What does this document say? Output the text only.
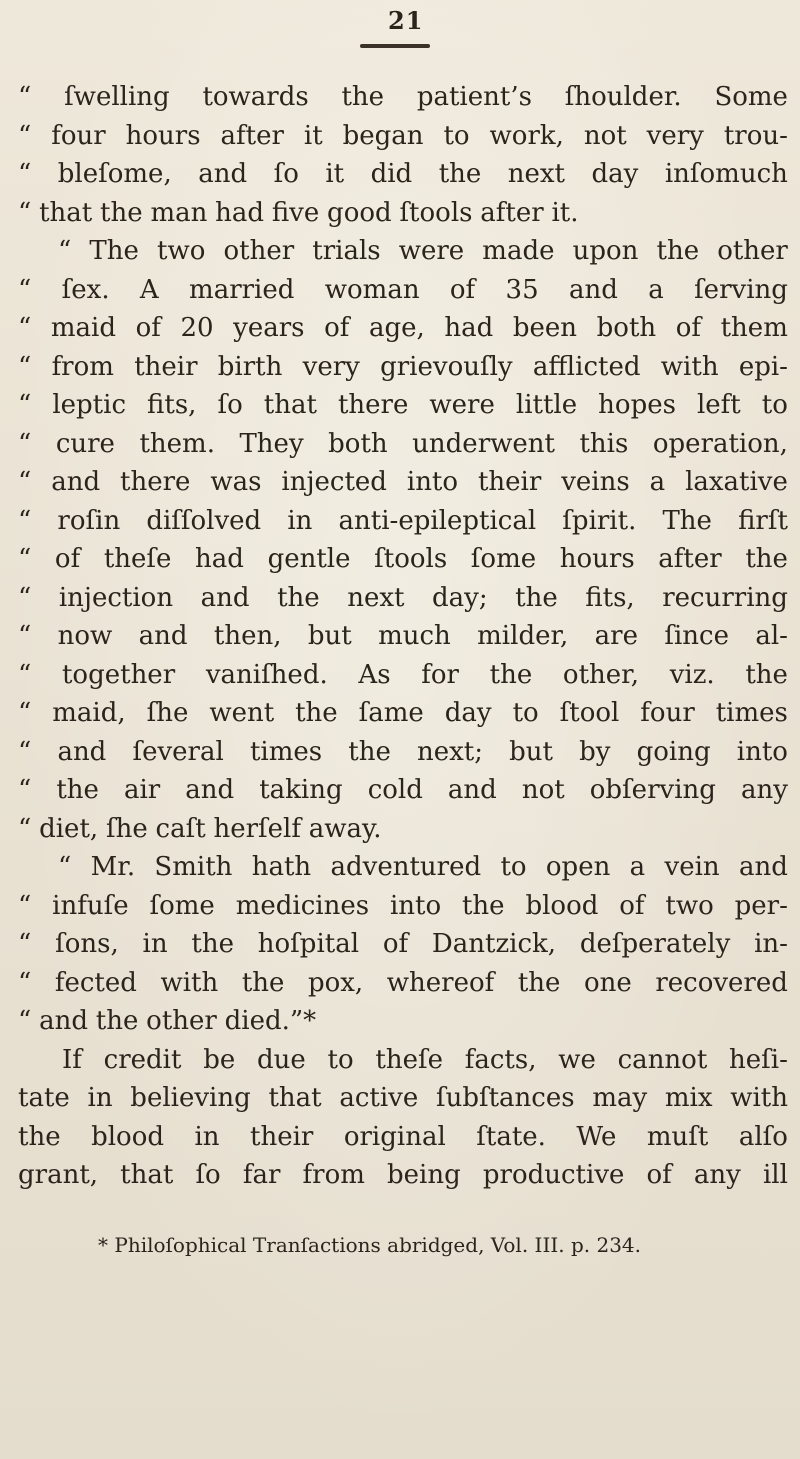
21
“ ſwelling towards the patient’s ſhoulder. Some
“ four hours after it began to work, not very trou-
“ bleſome, and ſo it did the next day inſomuch
“ that the man had five good ſtools after it.
“ The two other trials were made upon the other
“ ſex. A married woman of 35 and a ſerving
“ maid of 20 years of age, had been both of them
“ from their birth very grievouſly afflicted with epi-
“ leptic fits, ſo that there were little hopes left to
“ cure them. They both underwent this operation,
“ and there was injected into their veins a laxative
“ roſin diſſolved in anti-epileptical ſpirit. The firſt
“ of theſe had gentle ſtools ſome hours after the
“ injection and the next day; the fits, recurring
“ now and then, but much milder, are ſince al-
“ together vaniſhed. As for the other, viz. the
“ maid, ſhe went the ſame day to ſtool four times
“ and ſeveral times the next; but by going into
“ the air and taking cold and not obſerving any
“ diet, ſhe caſt herſelf away.
“ Mr. Smith hath adventured to open a vein and
“ infuſe ſome medicines into the blood of two per-
“ ſons, in the hoſpital of Dantzick, deſperately in-
“ fected with the pox, whereof the one recovered
“ and the other died.”*
If credit be due to theſe facts, we cannot heſi-
tate in believing that active ſubſtances may mix with
the blood in their original ſtate. We muſt alſo
grant, that ſo far from being productive of any ill
* Philoſophical Tranſactions abridged, Vol. III. p. 234.
